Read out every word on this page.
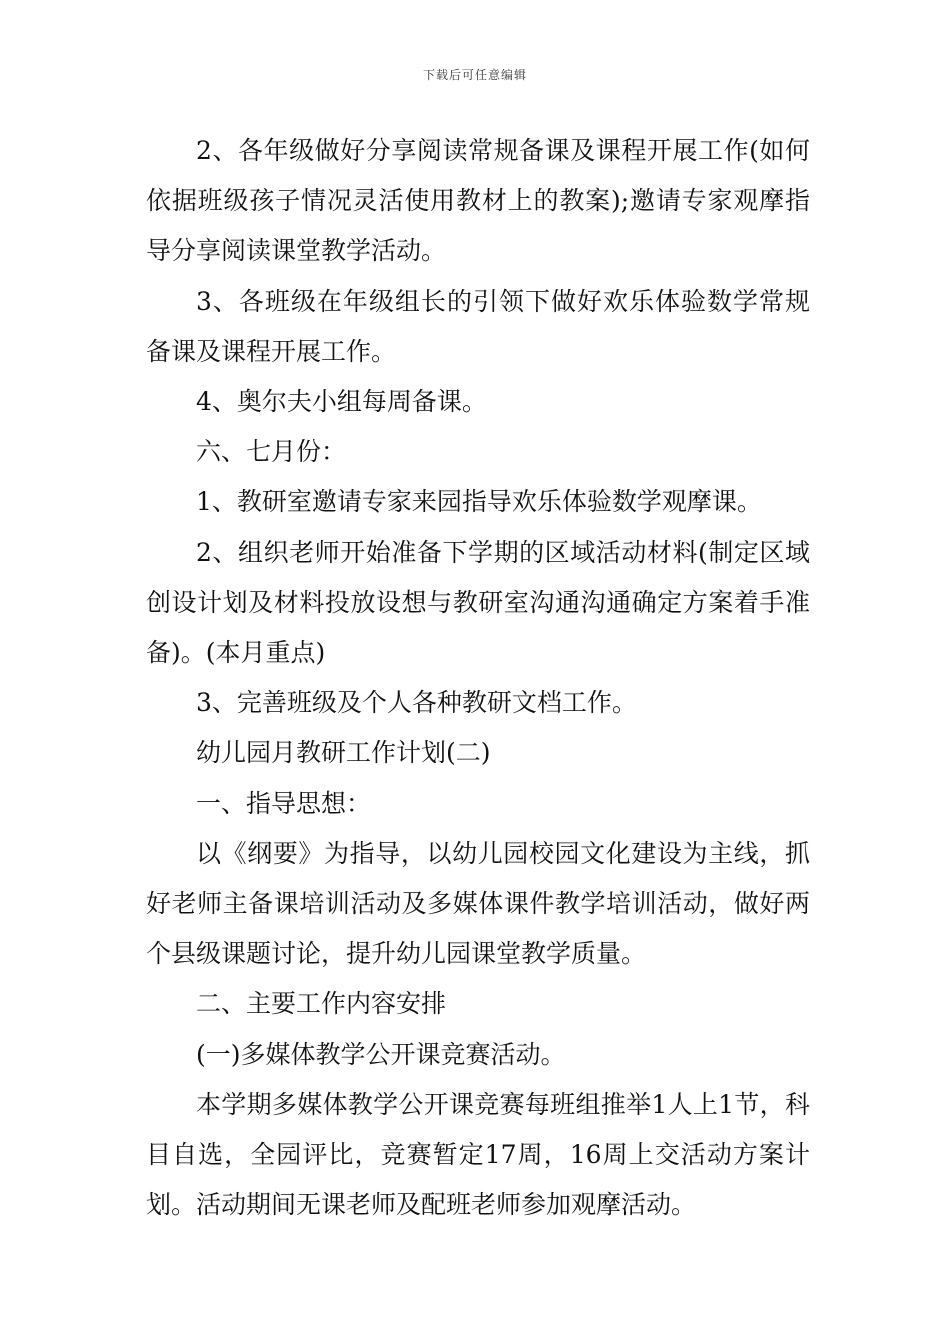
下载后可任意编辑

2、各年级做好分享阅读常规备课及课程开展工作(如何依据班级孩子情况灵活使用教材上的教案);邀请专家观摩指导分享阅读课堂教学活动。

3、各班级在年级组长的引领下做好欢乐体验数学常规备课及课程开展工作。

4、奥尔夫小组每周备课。

六、七月份：

1、教研室邀请专家来园指导欢乐体验数学观摩课。

2、组织老师开始准备下学期的区域活动材料(制定区域创设计划及材料投放设想与教研室沟通沟通确定方案着手准备)。(本月重点)

3、完善班级及个人各种教研文档工作。

幼儿园月教研工作计划(二)

一、指导思想：

以《纲要》为指导，以幼儿园校园文化建设为主线，抓好老师主备课培训活动及多媒体课件教学培训活动，做好两个县级课题讨论，提升幼儿园课堂教学质量。

二、主要工作内容安排

(一)多媒体教学公开课竞赛活动。

本学期多媒体教学公开课竞赛每班组推举1人上1节，科目自选，全园评比，竞赛暂定17周，16周上交活动方案计划。活动期间无课老师及配班老师参加观摩活动。
